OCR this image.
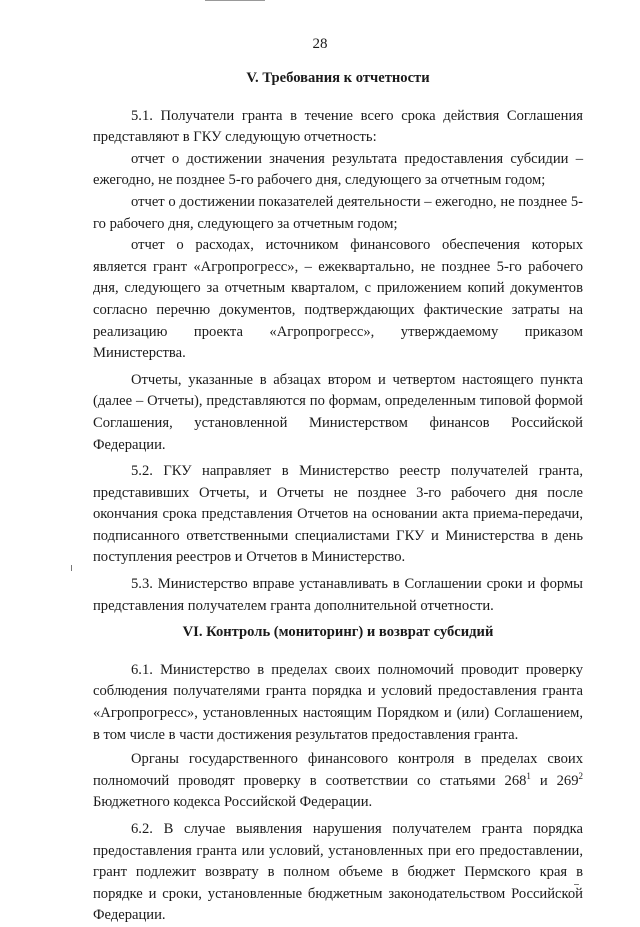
28
V. Требования к отчетности

5.1. Получатели гранта в течение всего срока действия Соглашения представляют в ГКУ следующую отчетность:

отчет о достижении значения результата предоставления субсидии – ежегодно, не позднее 5-го рабочего дня, следующего за отчетным годом;

отчет о достижении показателей деятельности – ежегодно, не позднее 5-го рабочего дня, следующего за отчетным годом;

отчет о расходах, источником финансового обеспечения которых является грант «Агропрогресс», – ежеквартально, не позднее 5-го рабочего дня, следующего за отчетным кварталом, с приложением копий документов согласно перечню документов, подтверждающих фактические затраты на реализацию проекта «Агропрогресс», утверждаемому приказом Министерства.

Отчеты, указанные в абзацах втором и четвертом настоящего пункта (далее – Отчеты), представляются по формам, определенным типовой формой Соглашения, установленной Министерством финансов Российской Федерации.

5.2. ГКУ направляет в Министерство реестр получателей гранта, представивших Отчеты, и Отчеты не позднее 3-го рабочего дня после окончания срока представления Отчетов на основании акта приема-передачи, подписанного ответственными специалистами ГКУ и Министерства в день поступления реестров и Отчетов в Министерство.

5.3. Министерство вправе устанавливать в Соглашении сроки и формы представления получателем гранта дополнительной отчетности.

VI. Контроль (мониторинг) и возврат субсидий

6.1. Министерство в пределах своих полномочий проводит проверку соблюдения получателями гранта порядка и условий предоставления гранта «Агропрогресс», установленных настоящим Порядком и (или) Соглашением, в том числе в части достижения результатов предоставления гранта.

Органы государственного финансового контроля в пределах своих полномочий проводят проверку в соответствии со статьями $268^1$ и $269^2$ Бюджетного кодекса Российской Федерации.

6.2. В случае выявления нарушения получателем гранта порядка предоставления гранта или условий, установленных при его предоставлении, грант подлежит возврату в полном объеме в бюджет Пермского края в порядке и сроки, установленные бюджетным законодательством Российской Федерации.
